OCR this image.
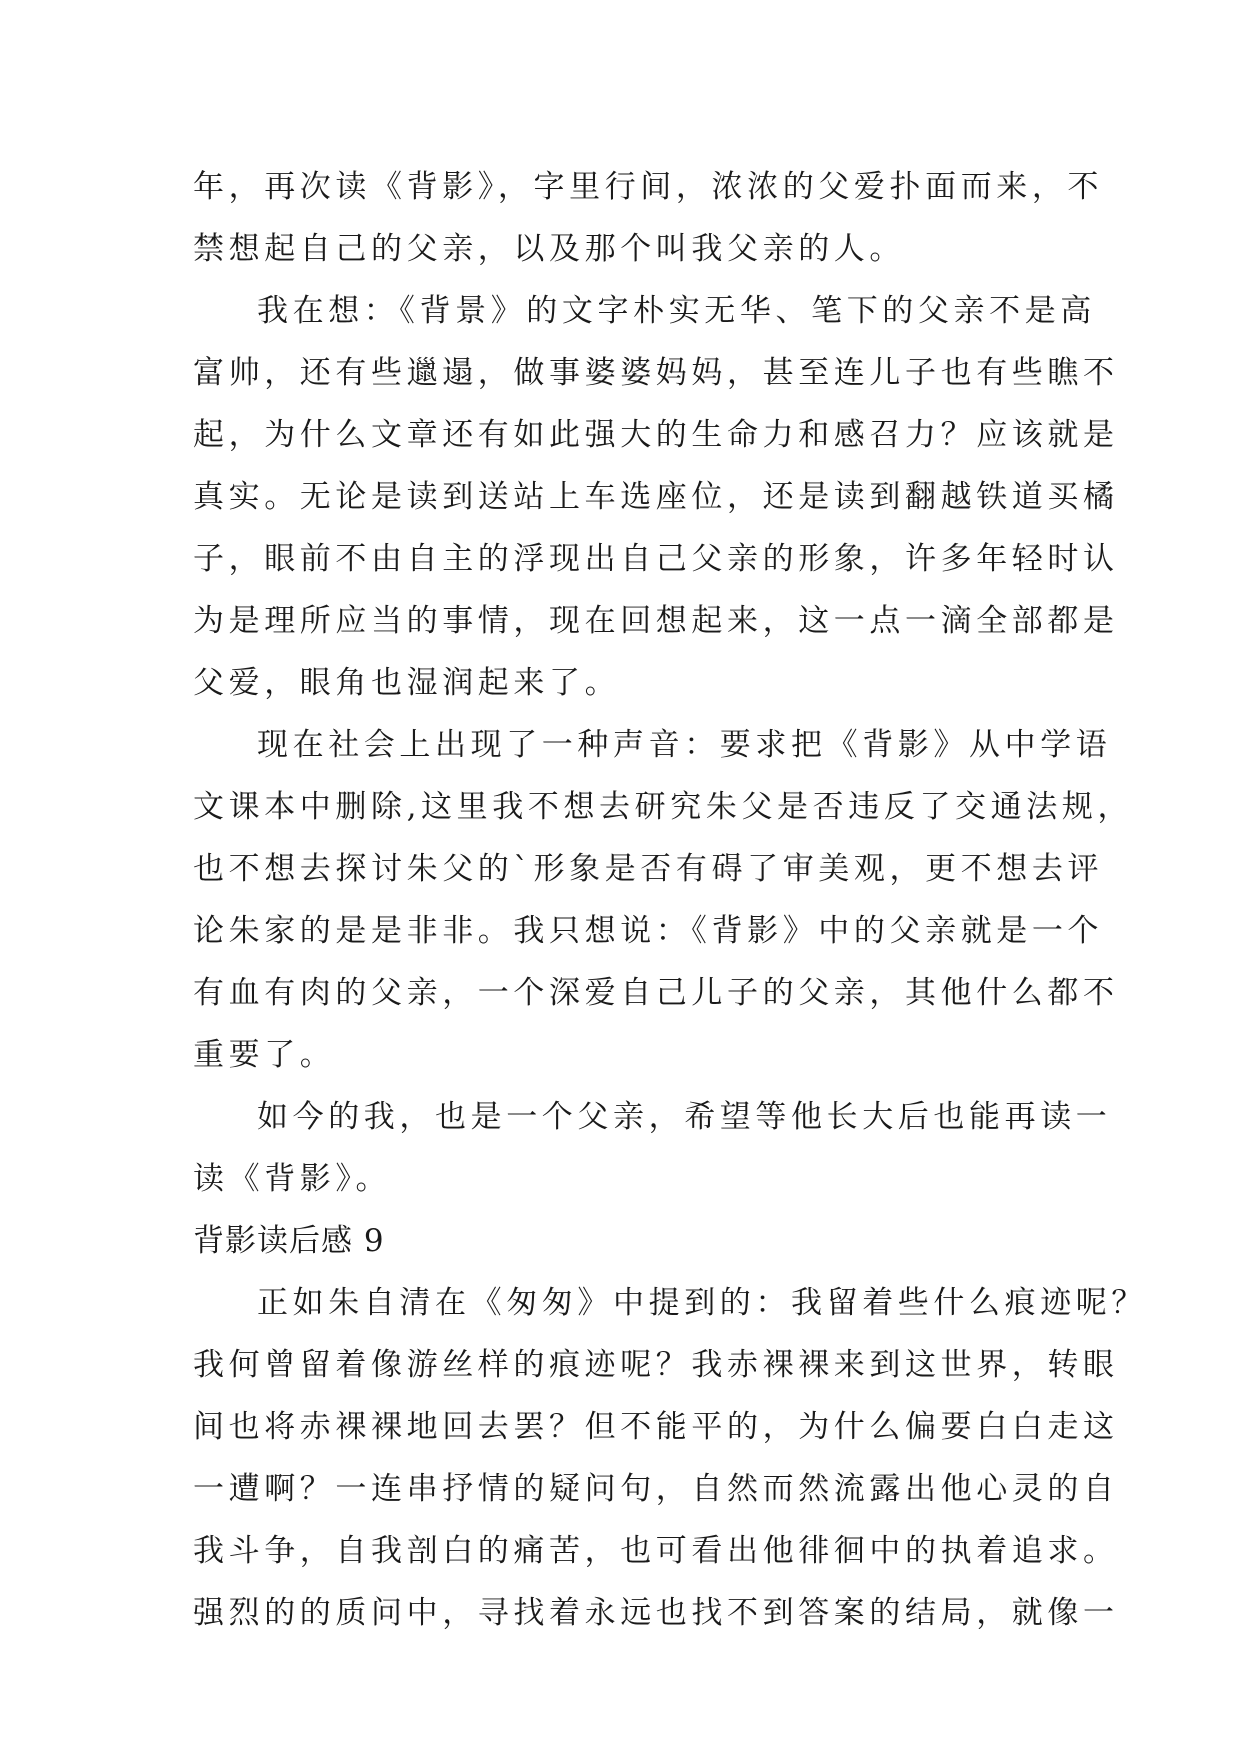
年，再次读《背影》，字里行间，浓浓的父爱扑面而来，不
禁想起自己的父亲，以及那个叫我父亲的人。
我在想：《背景》的文字朴实无华、笔下的父亲不是高
富帅，还有些邋遢，做事婆婆妈妈，甚至连儿子也有些瞧不
起，为什么文章还有如此强大的生命力和感召力？应该就是
真实。无论是读到送站上车选座位，还是读到翻越铁道买橘
子，眼前不由自主的浮现出自己父亲的形象，许多年轻时认
为是理所应当的事情，现在回想起来，这一点一滴全部都是
父爱，眼角也湿润起来了。
现在社会上出现了一种声音：要求把《背影》从中学语
文课本中删除,这里我不想去研究朱父是否违反了交通法规，
也不想去探讨朱父的`形象是否有碍了审美观，更不想去评
论朱家的是是非非。我只想说：《背影》中的父亲就是一个
有血有肉的父亲，一个深爱自己儿子的父亲，其他什么都不
重要了。
如今的我，也是一个父亲，希望等他长大后也能再读一
读《背影》。
背影读后感 9
正如朱自清在《匆匆》中提到的：我留着些什么痕迹呢？
我何曾留着像游丝样的痕迹呢？我赤裸裸来到这世界，转眼
间也将赤裸裸地回去罢？但不能平的，为什么偏要白白走这
一遭啊？一连串抒情的疑问句，自然而然流露出他心灵的自
我斗争，自我剖白的痛苦，也可看出他徘徊中的执着追求。
强烈的的质问中，寻找着永远也找不到答案的结局，就像一
